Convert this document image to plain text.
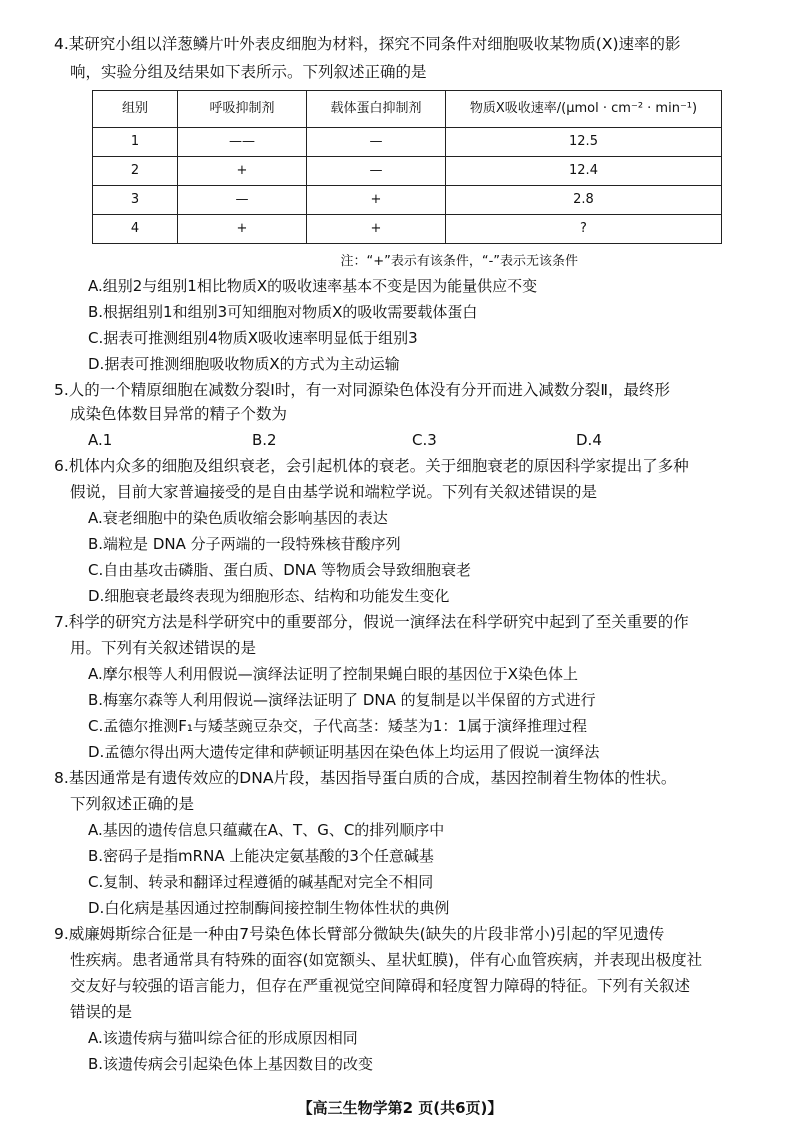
4.某研究小组以洋葱鳞片叶外表皮细胞为材料，探究不同条件对细胞吸收某物质(X)速率的影
响，实验分组及结果如下表所示。下列叙述正确的是
组别	呼吸抑制剂	载体蛋白抑制剂	物质X吸收速率/(μmol · cm⁻² · min⁻¹)
1	——	—	12.5
2	+	—	12.4
3	—	+	2.8
4	+	+	?
注：“+”表示有该条件，“-”表示无该条件
A.组别2与组别1相比物质X的吸收速率基本不变是因为能量供应不变
B.根据组别1和组别3可知细胞对物质X的吸收需要载体蛋白
C.据表可推测组别4物质X吸收速率明显低于组别3
D.据表可推测细胞吸收物质X的方式为主动运输
5.人的一个精原细胞在减数分裂Ⅰ时，有一对同源染色体没有分开而进入减数分裂Ⅱ，最终形
成染色体数目异常的精子个数为
A.1	B.2	C.3	D.4
6.机体内众多的细胞及组织衰老，会引起机体的衰老。关于细胞衰老的原因科学家提出了多种
假说，目前大家普遍接受的是自由基学说和端粒学说。下列有关叙述错误的是
A.衰老细胞中的染色质收缩会影响基因的表达
B.端粒是 DNA 分子两端的一段特殊核苷酸序列
C.自由基攻击磷脂、蛋白质、DNA 等物质会导致细胞衰老
D.细胞衰老最终表现为细胞形态、结构和功能发生变化
7.科学的研究方法是科学研究中的重要部分，假说一演绎法在科学研究中起到了至关重要的作
用。下列有关叙述错误的是
A.摩尔根等人利用假说—演绎法证明了控制果蝇白眼的基因位于X染色体上
B.梅塞尔森等人利用假说—演绎法证明了 DNA 的复制是以半保留的方式进行
C.孟德尔推测F₁与矮茎豌豆杂交，子代高茎：矮茎为1：1属于演绎推理过程
D.孟德尔得出两大遗传定律和萨顿证明基因在染色体上均运用了假说一演绎法
8.基因通常是有遗传效应的DNA片段，基因指导蛋白质的合成，基因控制着生物体的性状。
下列叙述正确的是
A.基因的遗传信息只蕴藏在A、T、G、C的排列顺序中
B.密码子是指mRNA 上能决定氨基酸的3个任意碱基
C.复制、转录和翻译过程遵循的碱基配对完全不相同
D.白化病是基因通过控制酶间接控制生物体性状的典例
9.威廉姆斯综合征是一种由7号染色体长臂部分微缺失(缺失的片段非常小)引起的罕见遗传
性疾病。患者通常具有特殊的面容(如宽额头、星状虹膜)，伴有心血管疾病，并表现出极度社
交友好与较强的语言能力，但存在严重视觉空间障碍和轻度智力障碍的特征。下列有关叙述
错误的是
A.该遗传病与猫叫综合征的形成原因相同
B.该遗传病会引起染色体上基因数目的改变
【高三生物学第2 页(共6页)】
